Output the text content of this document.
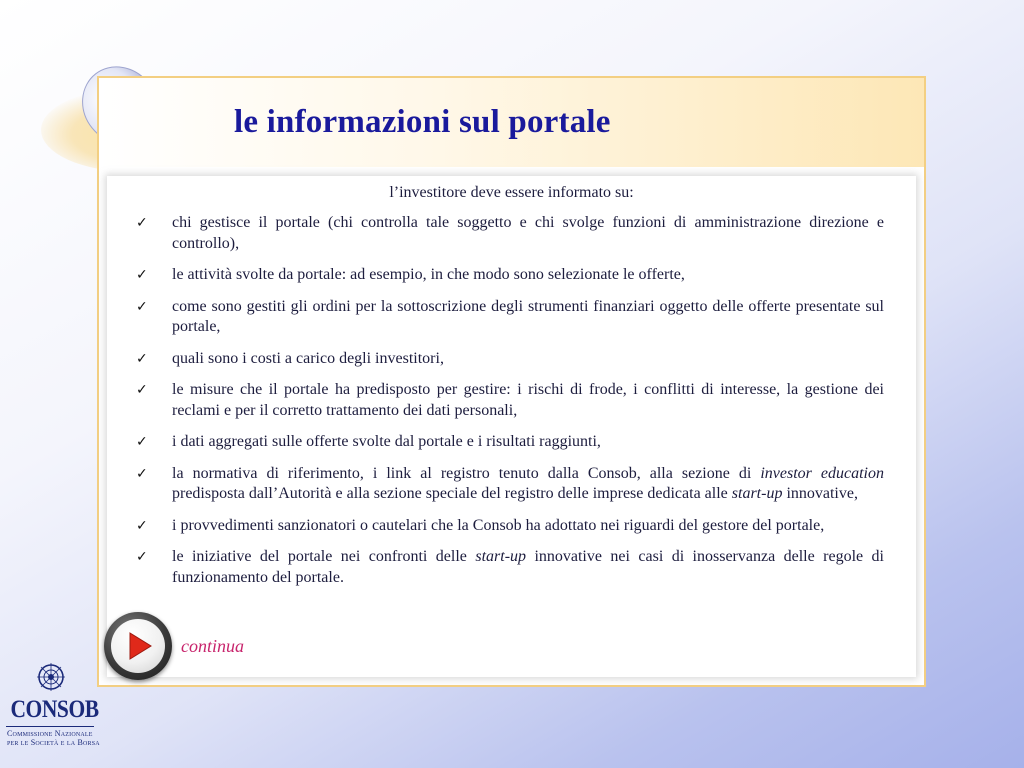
le informazioni sul portale

l’investitore deve essere informato su:

✓ chi gestisce il portale (chi controlla tale soggetto e chi svolge funzioni di amministrazione direzione e controllo),
✓ le attività svolte da portale: ad esempio, in che modo sono selezionate le offerte,
✓ come sono gestiti gli ordini per la sottoscrizione degli strumenti finanziari oggetto delle offerte presentate sul portale,
✓ quali sono i costi a carico degli investitori,
✓ le misure che il portale ha predisposto per gestire: i rischi di frode, i conflitti di interesse, la gestione dei reclami e per il corretto trattamento dei dati personali,
✓ i dati aggregati sulle offerte svolte dal portale e i risultati raggiunti,
✓ la normativa di riferimento, i link al registro tenuto dalla Consob, alla sezione di investor education predisposta dall’Autorità e alla sezione speciale del registro delle imprese dedicata alle start-up innovative,
✓ i provvedimenti sanzionatori o cautelari che la Consob ha adottato nei riguardi del gestore del portale,
✓ le iniziative del portale nei confronti delle start-up innovative nei casi di inosservanza delle regole di funzionamento del portale.
continua
CONSOB
Commissione Nazionale
per le Società e la Borsa
